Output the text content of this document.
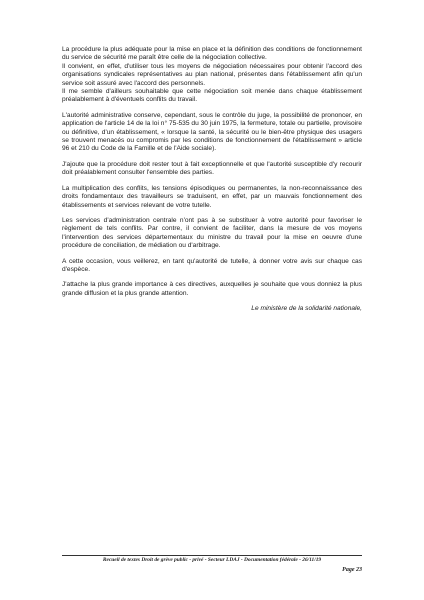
La procédure la plus adéquate pour la mise en place et la définition des conditions de fonctionnement du service de sécurité me paraît être celle de la négociation collective.
Il convient, en effet, d'utiliser tous les moyens de négociation nécessaires pour obtenir l'accord des organisations syndicales représentatives au plan national, présentes dans l'établissement afin qu'un service soit assuré avec l'accord des personnels.
Il me semble d'ailleurs souhaitable que cette négociation soit menée dans chaque établissement préalablement à d'éventuels conflits du travail.

L'autorité administrative conserve, cependant, sous le contrôle du juge, la possibilité de prononcer, en application de l'article 14 de la loi n° 75-535 du 30 juin 1975, la fermeture, totale ou partielle, provisoire ou définitive, d'un établissement, « lorsque la santé, la sécurité ou le bien-être physique des usagers se trouvent menacés ou compromis par les conditions de fonctionnement de l'établissement » article 96 et 210 du Code de la Famille et de l'Aide sociale).

J'ajoute que la procédure doit rester tout à fait exceptionnelle et que l'autorité susceptible d'y recourir doit préalablement consulter l'ensemble des parties.

La multiplication des conflits, les tensions épisodiques ou permanentes, la non-reconnaissance des droits fondamentaux des travailleurs se traduisent, en effet, par un mauvais fonctionnement des établissements et services relevant de votre tutelle.

Les services d'administration centrale n'ont pas à se substituer à votre autorité pour favoriser le règlement de tels conflits. Par contre, il convient de faciliter, dans la mesure de vos moyens l'intervention des services départementaux du ministre du travail pour la mise en oeuvre d'une procédure de conciliation, de médiation ou d'arbitrage.

A cette occasion, vous veillerez, en tant qu'autorité de tutelle, à donner votre avis sur chaque cas d'espèce.

J'attache la plus grande importance à ces directives, auxquelles je souhaite que vous donniez la plus grande diffusion et la plus grande attention.

Le ministère de la solidarité nationale,

Recueil de textes Droit de grève public - privé - Secteur LDAJ - Documentation fédérale - 26/11/19
Page 23
